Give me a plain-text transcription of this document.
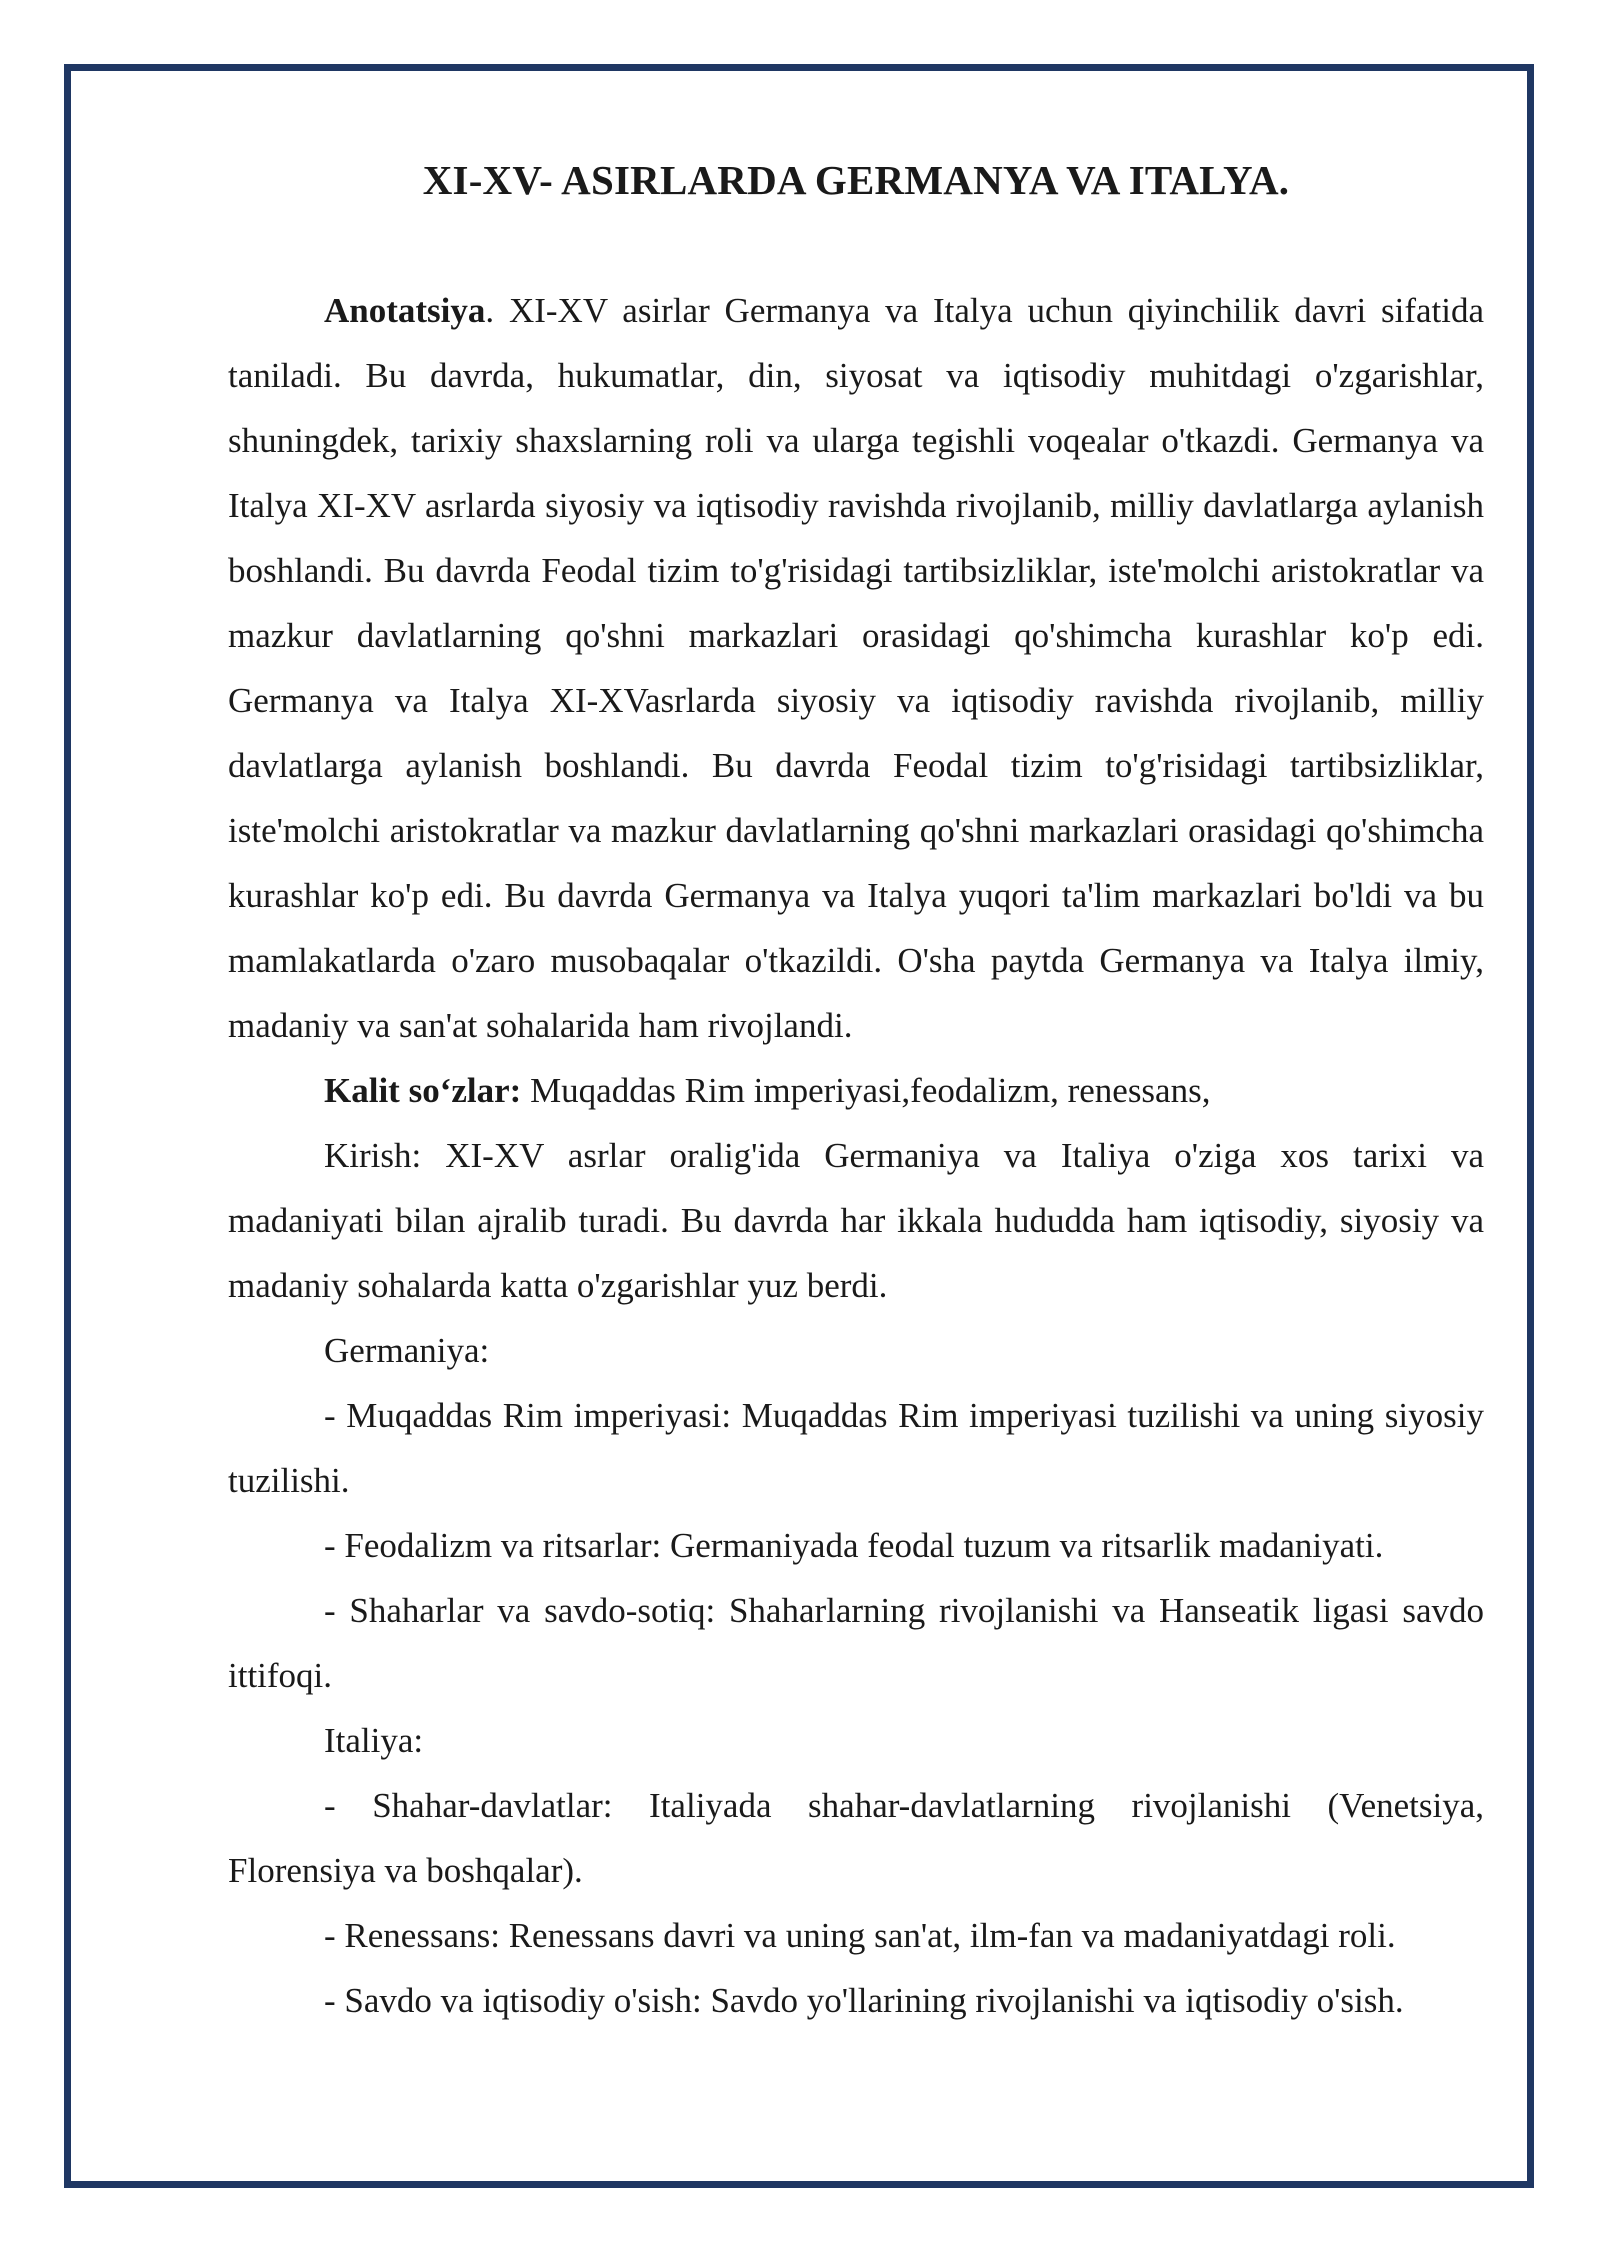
XI-XV- ASIRLARDA GERMANYA VA ITALYA.

Anotatsiya. XI-XV asirlar Germanya va Italya uchun qiyinchilik davri sifatida taniladi. Bu davrda, hukumatlar, din, siyosat va iqtisodiy muhitdagi o'zgarishlar, shuningdek, tarixiy shaxslarning roli va ularga tegishli voqealar o'tkazdi. Germanya va Italya XI-XV asrlarda siyosiy va iqtisodiy ravishda rivojlanib, milliy davlatlarga aylanish boshlandi. Bu davrda Feodal tizim to'g'risidagi tartibsizliklar, iste'molchi aristokratlar va mazkur davlatlarning qo'shni markazlari orasidagi qo'shimcha kurashlar ko'p edi. Germanya va Italya XI-XVasrlarda siyosiy va iqtisodiy ravishda rivojlanib, milliy davlatlarga aylanish boshlandi. Bu davrda Feodal tizim to'g'risidagi tartibsizliklar, iste'molchi aristokratlar va mazkur davlatlarning qo'shni markazlari orasidagi qo'shimcha kurashlar ko'p edi. Bu davrda Germanya va Italya yuqori ta'lim markazlari bo'ldi va bu mamlakatlarda o'zaro musobaqalar o'tkazildi. O'sha paytda Germanya va Italya ilmiy, madaniy va san'at sohalarida ham rivojlandi.

Kalit so‘zlar: Muqaddas Rim imperiyasi,feodalizm, renessans,

Kirish: XI-XV asrlar oralig'ida Germaniya va Italiya o'ziga xos tarixi va madaniyati bilan ajralib turadi. Bu davrda har ikkala hududda ham iqtisodiy, siyosiy va madaniy sohalarda katta o'zgarishlar yuz berdi.

Germaniya:

- Muqaddas Rim imperiyasi: Muqaddas Rim imperiyasi tuzilishi va uning siyosiy tuzilishi.

- Feodalizm va ritsarlar: Germaniyada feodal tuzum va ritsarlik madaniyati.

- Shaharlar va savdo-sotiq: Shaharlarning rivojlanishi va Hanseatik ligasi savdo ittifoqi.

Italiya:

- Shahar-davlatlar: Italiyada shahar-davlatlarning rivojlanishi (Venetsiya, Florensiya va boshqalar).

- Renessans: Renessans davri va uning san'at, ilm-fan va madaniyatdagi roli.

- Savdo va iqtisodiy o'sish: Savdo yo'llarining rivojlanishi va iqtisodiy o'sish.
